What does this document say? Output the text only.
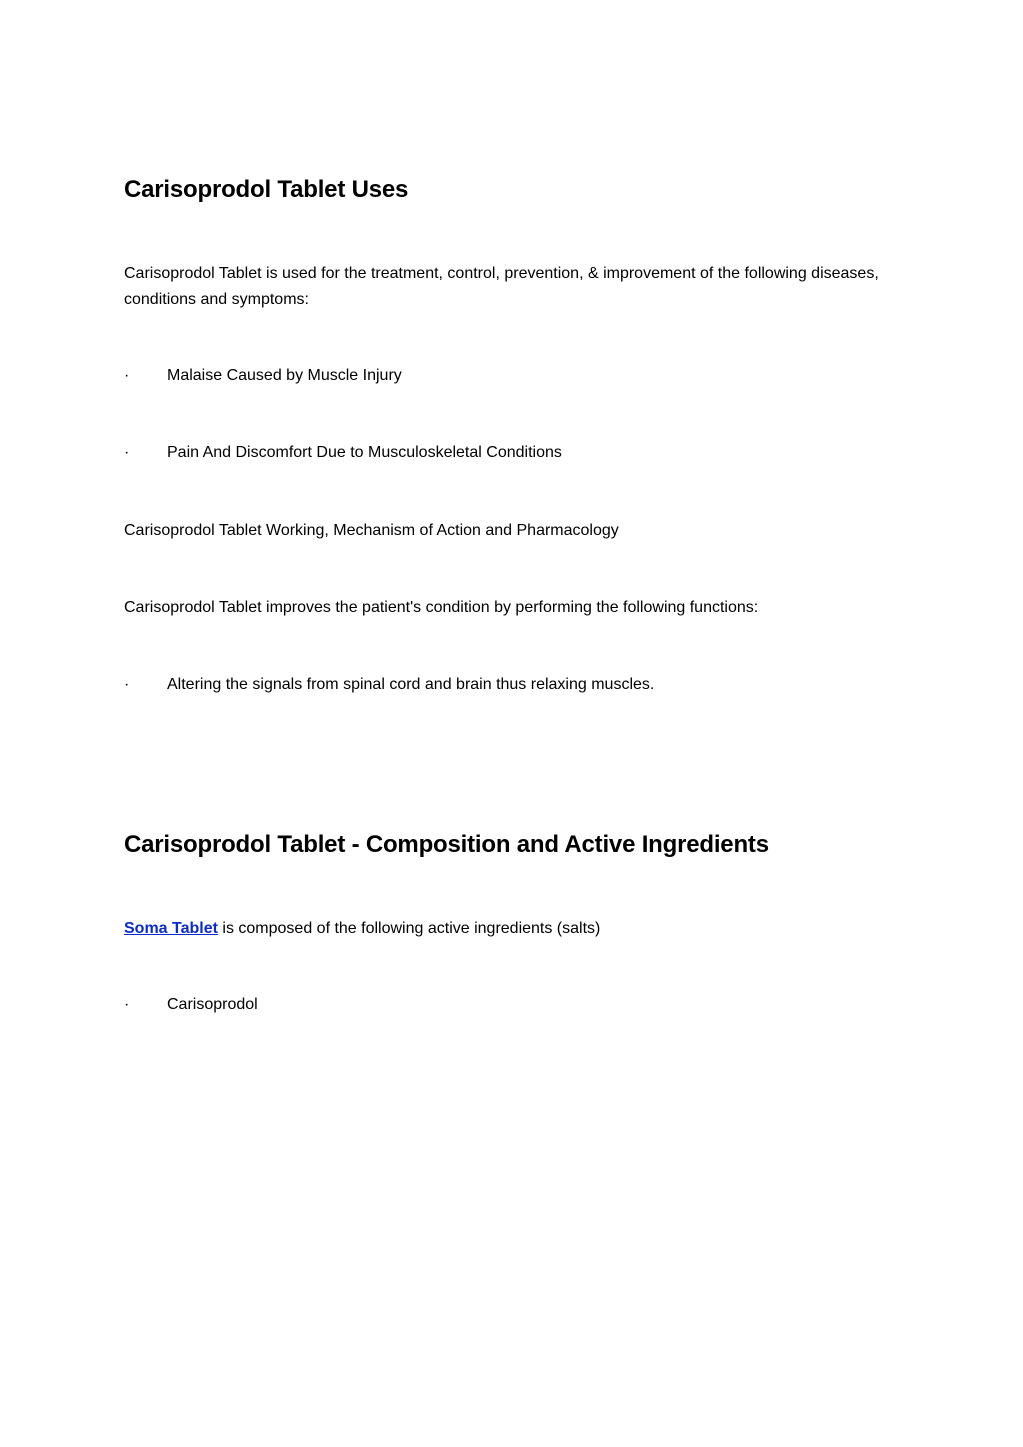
Carisoprodol Tablet Uses
Carisoprodol Tablet is used for the treatment, control, prevention, & improvement of the following diseases, conditions and symptoms:
· Malaise Caused by Muscle Injury
· Pain And Discomfort Due to Musculoskeletal Conditions
Carisoprodol Tablet Working, Mechanism of Action and Pharmacology
Carisoprodol Tablet improves the patient's condition by performing the following functions:
· Altering the signals from spinal cord and brain thus relaxing muscles.
Carisoprodol Tablet - Composition and Active Ingredients
Soma Tablet is composed of the following active ingredients (salts)
· Carisoprodol
